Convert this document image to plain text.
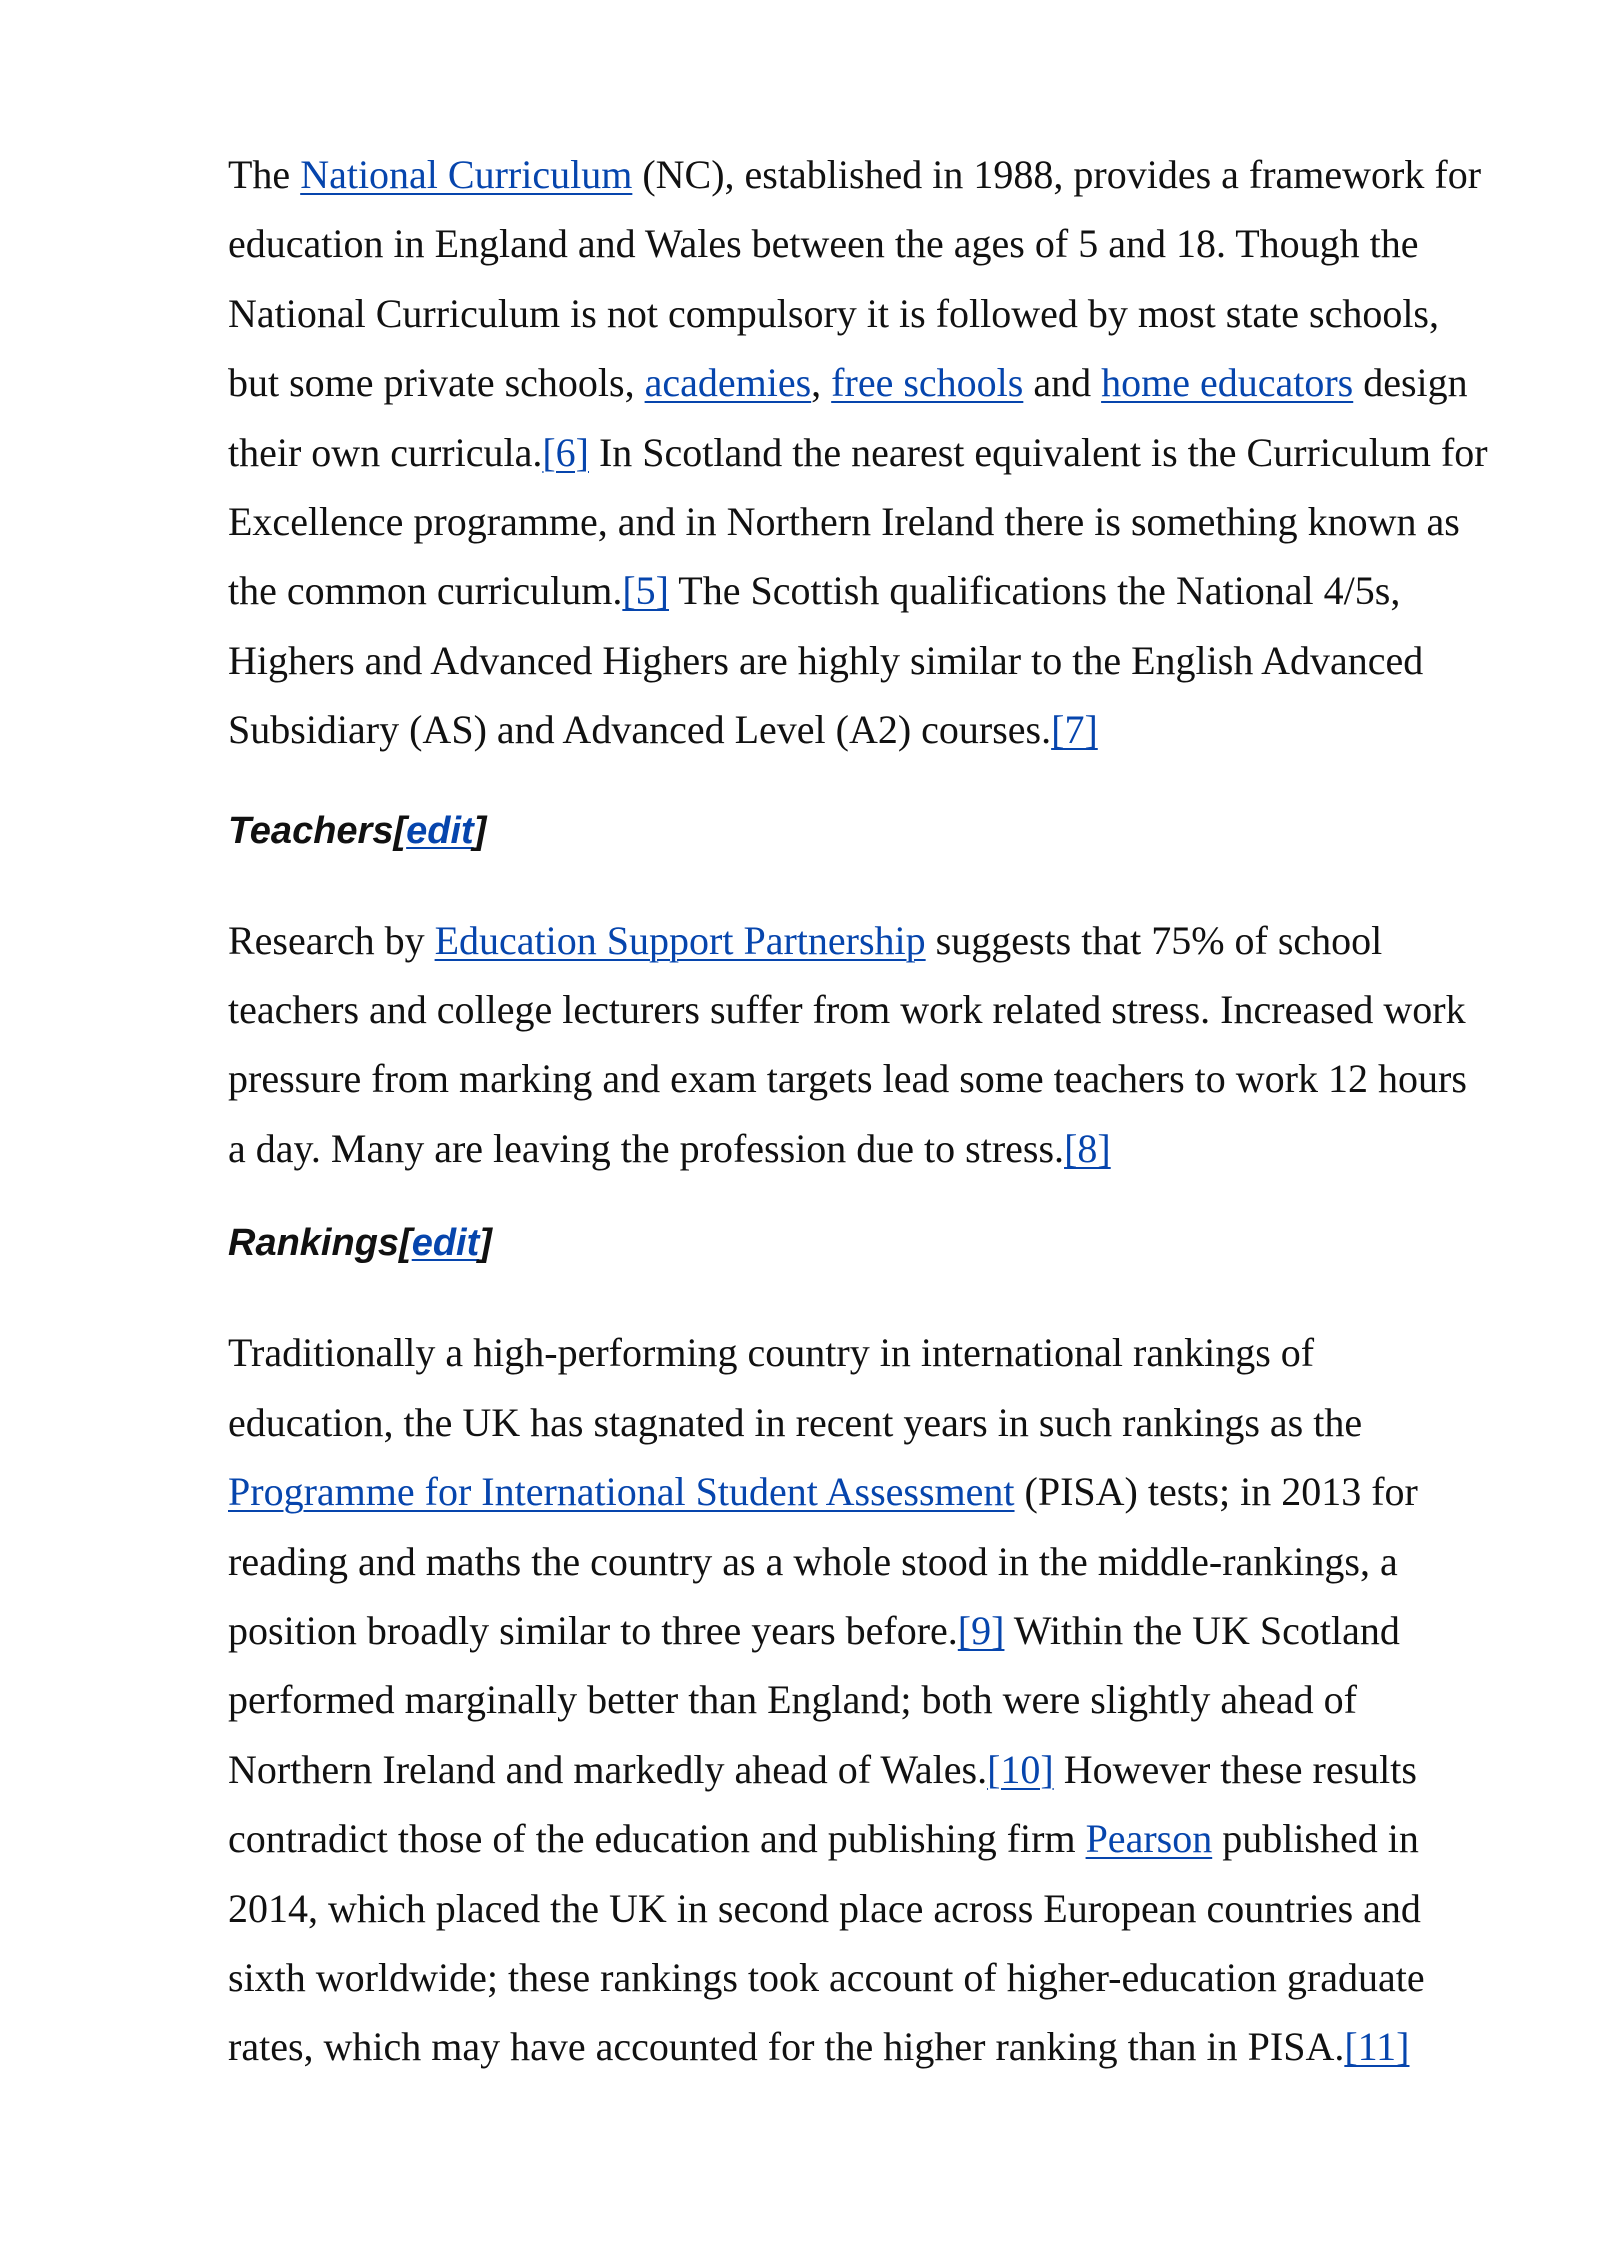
The National Curriculum (NC), established in 1988, provides a framework for education in England and Wales between the ages of 5 and 18. Though the National Curriculum is not compulsory it is followed by most state schools, but some private schools, academies, free schools and home educators design their own curricula.[6] In Scotland the nearest equivalent is the Curriculum for Excellence programme, and in Northern Ireland there is something known as the common curriculum.[5] The Scottish qualifications the National 4/5s, Highers and Advanced Highers are highly similar to the English Advanced Subsidiary (AS) and Advanced Level (A2) courses.[7]

Teachers[edit]

Research by Education Support Partnership suggests that 75% of school teachers and college lecturers suffer from work related stress. Increased work pressure from marking and exam targets lead some teachers to work 12 hours a day. Many are leaving the profession due to stress.[8]

Rankings[edit]

Traditionally a high-performing country in international rankings of education, the UK has stagnated in recent years in such rankings as the Programme for International Student Assessment (PISA) tests; in 2013 for reading and maths the country as a whole stood in the middle-rankings, a position broadly similar to three years before.[9] Within the UK Scotland performed marginally better than England; both were slightly ahead of Northern Ireland and markedly ahead of Wales.[10] However these results contradict those of the education and publishing firm Pearson published in 2014, which placed the UK in second place across European countries and sixth worldwide; these rankings took account of higher-education graduate rates, which may have accounted for the higher ranking than in PISA.[11]
